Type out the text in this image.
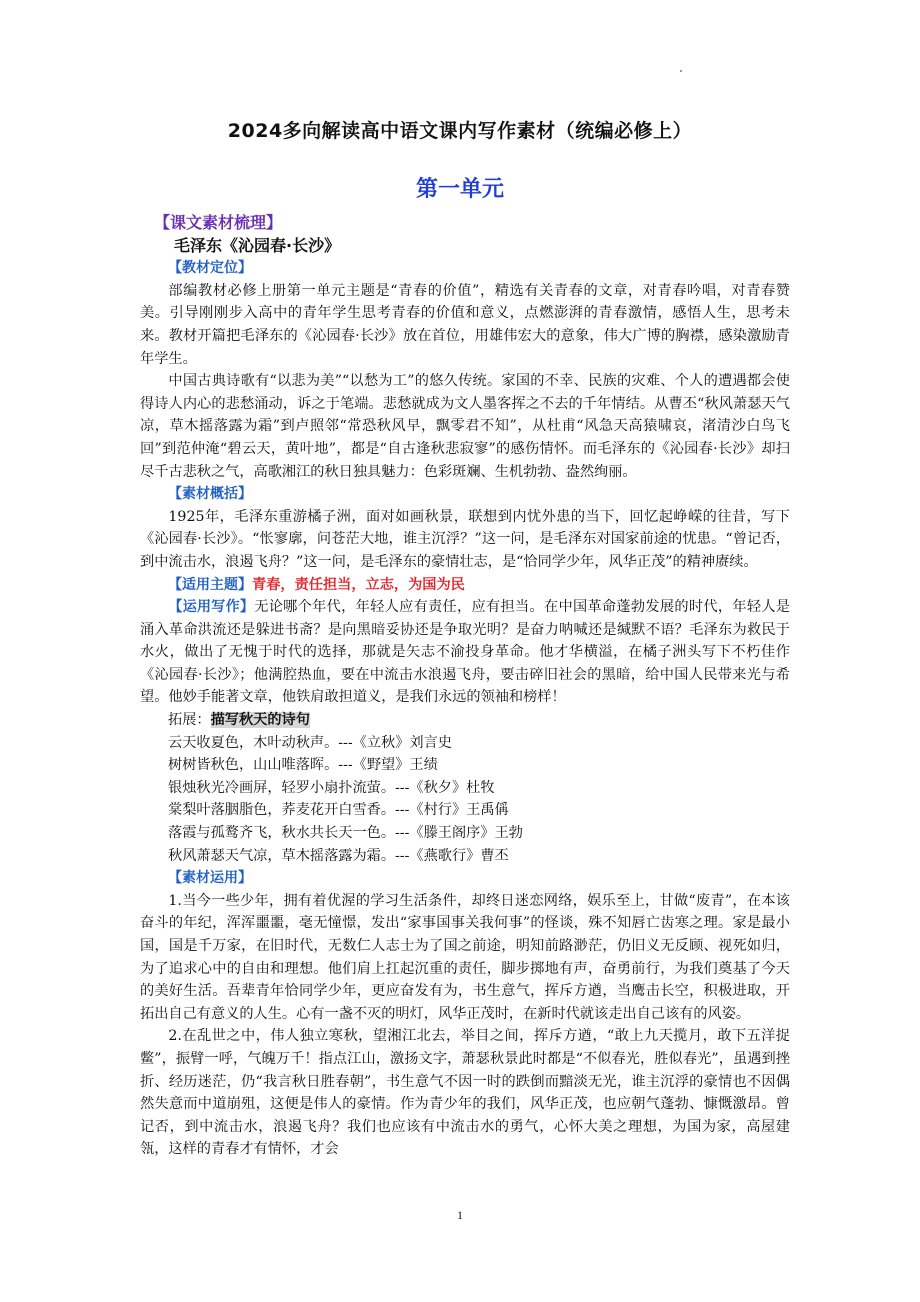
2024多向解读高中语文课内写作素材（统编必修上）
第一单元
【课文素材梳理】
毛泽东《沁园春·长沙》
【教材定位】

部编教材必修上册第一单元主题是“青春的价值”，精选有关青春的文章，对青春吟唱，对青春赞美。引导刚刚步入高中的青年学生思考青春的价值和意义，点燃澎湃的青春激情，感悟人生，思考未来。教材开篇把毛泽东的《沁园春·长沙》放在首位，用雄伟宏大的意象，伟大广博的胸襟，感染激励青年学生。

中国古典诗歌有“以悲为美”“以愁为工”的悠久传统。家国的不幸、民族的灾难、个人的遭遇都会使得诗人内心的悲愁涌动，诉之于笔端。悲愁就成为文人墨客挥之不去的千年情结。从曹丕“秋风萧瑟天气凉，草木摇落露为霜”到卢照邻“常恐秋风早，飘零君不知”，从杜甫“风急天高猿啸哀，渚清沙白鸟飞回”到范仲淹“碧云天，黄叶地”，都是“自古逢秋悲寂寥”的感伤情怀。而毛泽东的《沁园春·长沙》却扫尽千古悲秋之气，高歌湘江的秋日独具魅力：色彩斑斓、生机勃勃、盎然绚丽。

【素材概括】

1925年，毛泽东重游橘子洲，面对如画秋景，联想到内忧外患的当下，回忆起峥嵘的往昔，写下《沁园春·长沙》。“怅寥廓，问苍茫大地，谁主沉浮？”这一问，是毛泽东对国家前途的忧患。“曾记否，到中流击水，浪遏飞舟？”这一问，是毛泽东的豪情壮志，是“恰同学少年，风华正茂”的精神赓续。

【适用主题】青春，责任担当，立志，为国为民

【运用写作】无论哪个年代，年轻人应有责任，应有担当。在中国革命蓬勃发展的时代，年轻人是涌入革命洪流还是躲进书斋？是向黑暗妥协还是争取光明？是奋力呐喊还是缄默不语？毛泽东为救民于水火，做出了无愧于时代的选择，那就是矢志不渝投身革命。他才华横溢，在橘子洲头写下不朽佳作《沁园春·长沙》；他满腔热血，要在中流击水浪遏飞舟，要击碎旧社会的黑暗，给中国人民带来光与希望。他妙手能著文章，他铁肩敢担道义，是我们永远的领袖和榜样！

拓展：描写秋天的诗句
云天收夏色，木叶动秋声。---《立秋》刘言史
树树皆秋色，山山唯落晖。---《野望》王绩
银烛秋光冷画屏，轻罗小扇扑流萤。---《秋夕》杜牧
棠梨叶落胭脂色，荞麦花开白雪香。---《村行》王禹偁
落霞与孤鹜齐飞，秋水共长天一色。---《滕王阁序》王勃
秋风萧瑟天气凉，草木摇落露为霜。---《燕歌行》曹丕
【素材运用】

1.当今一些少年，拥有着优渥的学习生活条件，却终日迷恋网络，娱乐至上，甘做“废青”，在本该奋斗的年纪，浑浑噩噩，毫无憧憬，发出“家事国事关我何事”的怪谈，殊不知唇亡齿寒之理。家是最小国，国是千万家，在旧时代，无数仁人志士为了国之前途，明知前路渺茫，仍旧义无反顾、视死如归，为了追求心中的自由和理想。他们肩上扛起沉重的责任，脚步掷地有声，奋勇前行，为我们奠基了今天的美好生活。吾辈青年恰同学少年，更应奋发有为，书生意气，挥斥方遒，当鹰击长空，积极进取，开拓出自己有意义的人生。心有一盏不灭的明灯，风华正茂时，在新时代就该走出自己该有的风姿。

2.在乱世之中，伟人独立寒秋，望湘江北去，举目之间，挥斥方遒，“敢上九天揽月，敢下五洋捉鳖”，振臂一呼，气魄万千！指点江山，激扬文字，萧瑟秋景此时都是“不似春光，胜似春光”，虽遇到挫折、经历迷茫，仍“我言秋日胜春朝”，书生意气不因一时的跌倒而黯淡无光，谁主沉浮的豪情也不因偶然失意而中道崩殂，这便是伟人的豪情。作为青少年的我们，风华正茂，也应朝气蓬勃、慷慨激昂。曾记否，到中流击水，浪遏飞舟？我们也应该有中流击水的勇气，心怀大美之理想，为国为家，高屋建瓴，这样的青春才有情怀，才会

1
